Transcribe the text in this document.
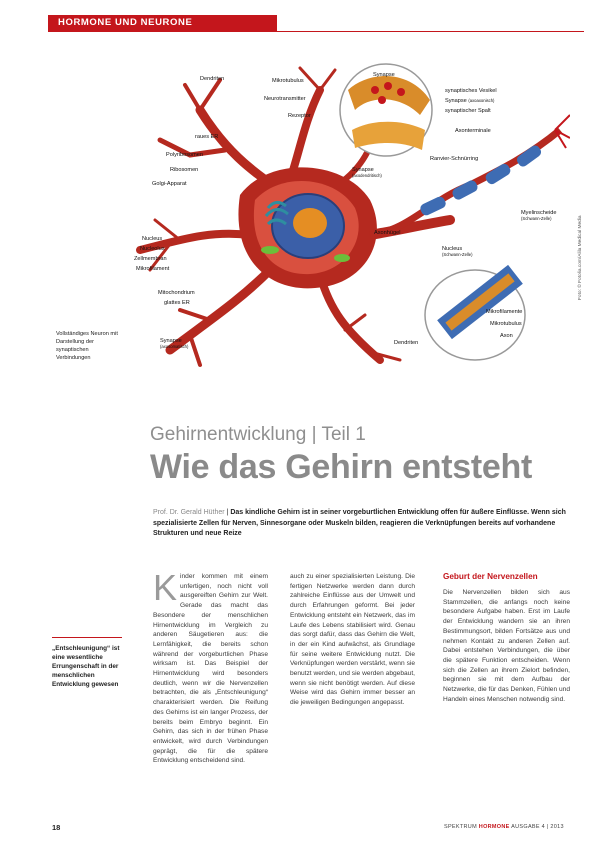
HORMONE UND NEURONE
Dendriten	Mikrotubulus
Neurotransmitter
Rezeptor
Synapse
synaptisches Vesikel
Synapse (axoaxonisch)
synaptischer Spalt
Axonterminale
raues ER
Polyribosomen
Ribosomen
Golgi-Apparat
Synapse
(axodendritisch)
Ranvier-Schnürring
Myelinscheide
(Schwann-Zelle)
Nucleus
(Schwann-Zelle)
Axonhügel
Nucleus
Nucleolus
Zellmembran
Mikrofilament
Mitochondrium
glattes ER
Mikrofilamente
Mikrotubulus
Axon
Synapse
(axosomatisch)
Dendriten
Vollständiges Neuron mit Darstellung der synaptischen Verbindungen
Foto: © Fotolia.com/Alila Medical Media
Gehirnentwicklung | Teil 1
Wie das Gehirn entsteht
Prof. Dr. Gerald Hüther | Das kindliche Gehirn ist in seiner vorgeburtlichen Entwicklung offen für äußere Einflüsse. Wenn sich spezialisierte Zellen für Nerven, Sinnesorgane oder Muskeln bilden, reagieren die Verknüpfungen bereits auf vorhandene Strukturen und neue Reize
K inder kommen mit einem unfertigen, noch nicht voll ausgereiften Gehirn zur Welt. Gerade das macht das Besondere der menschlichen Hirnentwicklung im Vergleich zu anderen Säugetieren aus: die Lernfähigkeit, die bereits schon während der vorgeburtlichen Phase wirksam ist. Das Beispiel der Hirnentwicklung wird besonders deutlich, wenn wir die Nervenzellen betrachten, die als „Entschleunigung“ charakterisiert werden. Die Reifung des Gehirns ist ein langer Prozess, der bereits beim Embryo beginnt. Ein Gehirn, das sich in der frühen Phase entwickelt, wird durch Verbindungen geprägt, die für die spätere Entwicklung entscheidend sind.
auch zu einer spezialisierten Leistung. Die fertigen Netzwerke werden dann durch zahlreiche Einflüsse aus der Umwelt und durch Erfahrungen geformt. Bei jeder Entwicklung entsteht ein Netzwerk, das im Laufe des Lebens stabilisiert wird. Genau das sorgt dafür, dass das Gehirn die Welt, in der ein Kind aufwächst, als Grundlage für seine weitere Entwicklung nutzt. Die Verknüpfungen werden verstärkt, wenn sie benutzt werden, und sie werden abgebaut, wenn sie nicht benötigt werden. Auf diese Weise wird das Gehirn immer besser an die jeweiligen Bedingungen angepasst.
Geburt der Nervenzellen
Die Nervenzellen bilden sich aus Stammzellen, die anfangs noch keine besondere Aufgabe haben. Erst im Laufe der Entwicklung wandern sie an ihren Bestimmungsort, bilden Fortsätze aus und nehmen Kontakt zu anderen Zellen auf. Dabei entstehen Verbindungen, die über die spätere Funktion entscheiden. Wenn sich die Zellen an ihrem Zielort befinden, beginnen sie mit dem Aufbau der Netzwerke, die für das Denken, Fühlen und Handeln eines Menschen notwendig sind.
„Entschleunigung“ ist eine wesentliche Errungenschaft in der menschlichen Entwicklung gewesen
18	SPEKTRUM HORMONE AUSGABE 4 | 2013
